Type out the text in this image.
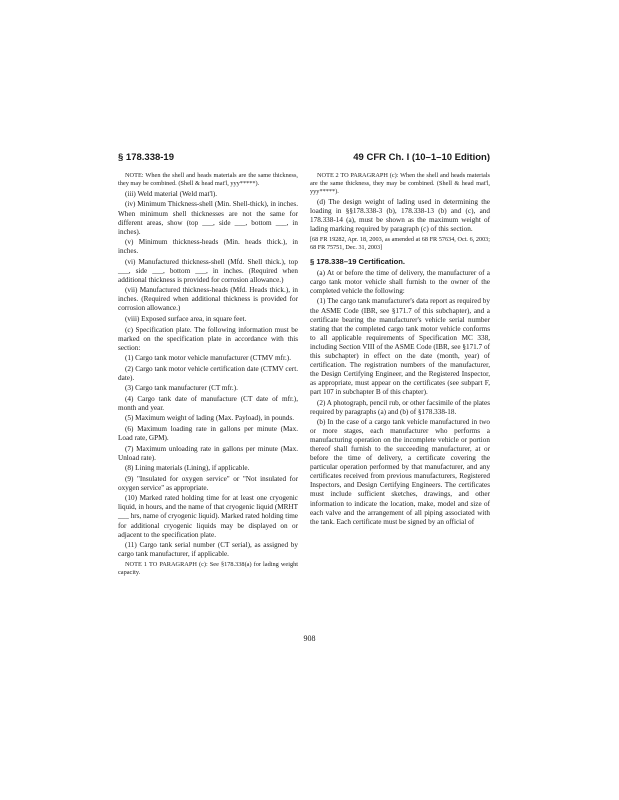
§ 178.338-19	49 CFR Ch. I (10–1–10 Edition)

NOTE: When the shell and heads materials are the same thickness, they may be combined. (Shell & head mat'l, yyy*****).

(iii) Weld material (Weld mat'l).

(iv) Minimum Thickness-shell (Min. Shell-thick), in inches. When minimum shell thicknesses are not the same for different areas, show (top ___, side ___, bottom ___, in inches).

(v) Minimum thickness-heads (Min. heads thick.), in inches.

(vi) Manufactured thickness-shell (Mfd. Shell thick.), top ___, side ___, bottom ___, in inches. (Required when additional thickness is provided for corrosion allowance.)

(vii) Manufactured thickness-heads (Mfd. Heads thick.), in inches. (Required when additional thickness is provided for corrosion allowance.)

(viii) Exposed surface area, in square feet.

(c) Specification plate. The following information must be marked on the specification plate in accordance with this section:

(1) Cargo tank motor vehicle manufacturer (CTMV mfr.).

(2) Cargo tank motor vehicle certification date (CTMV cert. date).

(3) Cargo tank manufacturer (CT mfr.).

(4) Cargo tank date of manufacture (CT date of mfr.), month and year.

(5) Maximum weight of lading (Max. Payload), in pounds.

(6) Maximum loading rate in gallons per minute (Max. Load rate, GPM).

(7) Maximum unloading rate in gallons per minute (Max. Unload rate).

(8) Lining materials (Lining), if applicable.

(9) "Insulated for oxygen service" or "Not insulated for oxygen service" as appropriate.

(10) Marked rated holding time for at least one cryogenic liquid, in hours, and the name of that cryogenic liquid (MRHT ___ hrs, name of cryogenic liquid). Marked rated holding time for additional cryogenic liquids may be displayed on or adjacent to the specification plate.

(11) Cargo tank serial number (CT serial), as assigned by cargo tank manufacturer, if applicable.

NOTE 1 TO PARAGRAPH (c): See §178.338(a) for lading weight capacity.

NOTE 2 TO PARAGRAPH (c): When the shell and heads materials are the same thickness, they may be combined. (Shell & head mat'l, yyy*****).

(d) The design weight of lading used in determining the loading in §§178.338-3 (b), 178.338-13 (b) and (c), and 178.338-14 (a), must be shown as the maximum weight of lading marking required by paragraph (c) of this section.

[68 FR 19282, Apr. 18, 2003, as amended at 68 FR 57634, Oct. 6, 2003; 68 FR 75751, Dec. 31, 2003]

§ 178.338–19 Certification.

(a) At or before the time of delivery, the manufacturer of a cargo tank motor vehicle shall furnish to the owner of the completed vehicle the following:

(1) The cargo tank manufacturer's data report as required by the ASME Code (IBR, see §171.7 of this subchapter), and a certificate bearing the manufacturer's vehicle serial number stating that the completed cargo tank motor vehicle conforms to all applicable requirements of Specification MC 338, including Section VIII of the ASME Code (IBR, see §171.7 of this subchapter) in effect on the date (month, year) of certification. The registration numbers of the manufacturer, the Design Certifying Engineer, and the Registered Inspector, as appropriate, must appear on the certificates (see subpart F, part 107 in subchapter B of this chapter).

(2) A photograph, pencil rub, or other facsimile of the plates required by paragraphs (a) and (b) of §178.338-18.

(b) In the case of a cargo tank vehicle manufactured in two or more stages, each manufacturer who performs a manufacturing operation on the incomplete vehicle or portion thereof shall furnish to the succeeding manufacturer, at or before the time of delivery, a certificate covering the particular operation performed by that manufacturer, and any certificates received from previous manufacturers, Registered Inspectors, and Design Certifying Engineers. The certificates must include sufficient sketches, drawings, and other information to indicate the location, make, model and size of each valve and the arrangement of all piping associated with the tank. Each certificate must be signed by an official of

908
